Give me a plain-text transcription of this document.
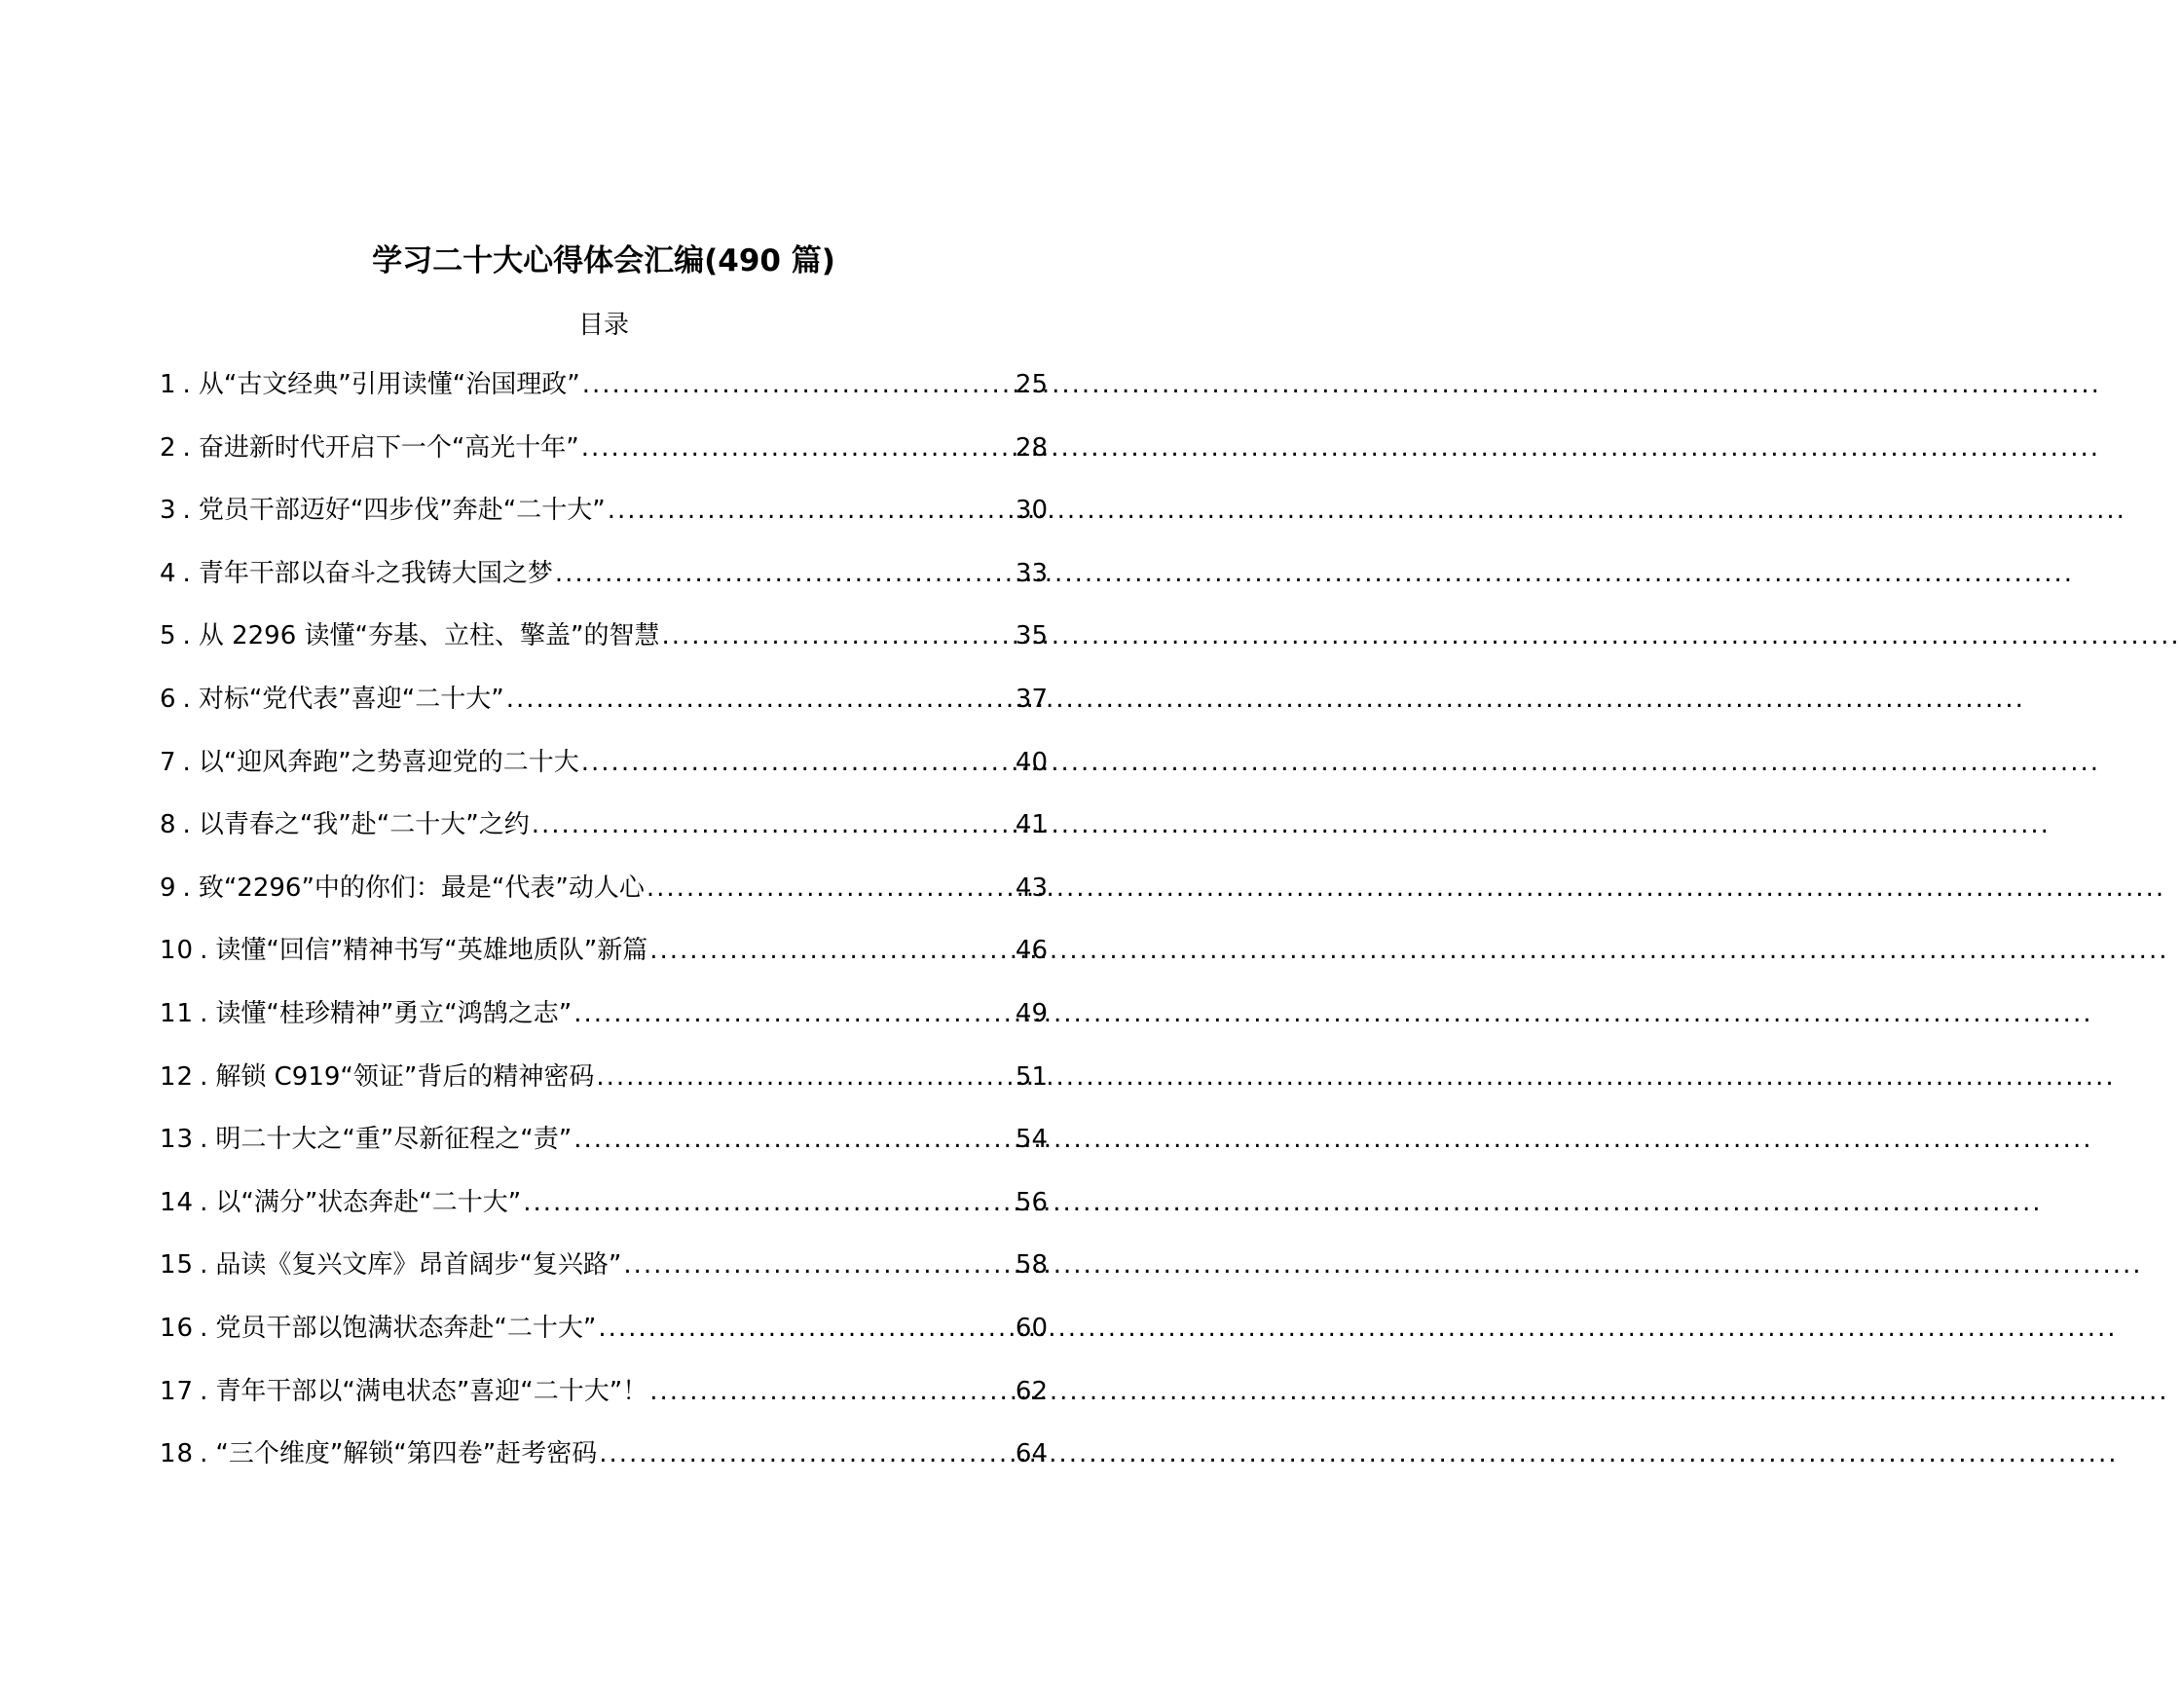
学习二十大心得体会汇编(490 篇)
目录
1 . 从“古文经典”引用读懂“治国理政” .....	25
2 . 奋进新时代开启下一个“高光十年” .....	28
3 . 党员干部迈好“四步伐”奔赴“二十大” .....	30
4 . 青年干部以奋斗之我铸大国之梦 .....	33
5 . 从 2296 读懂“夯基、立柱、擎盖”的智慧 .....	35
6 . 对标“党代表”喜迎“二十大” .....	37
7 . 以“迎风奔跑”之势喜迎党的二十大 .....	40
8 . 以青春之“我”赴“二十大”之约 .....	41
9 . 致“2296”中的你们：最是“代表”动人心 .....	43
10 . 读懂“回信”精神书写“英雄地质队”新篇 .....	46
11 . 读懂“桂珍精神”勇立“鸿鹄之志” .....	49
12 . 解锁 C919“领证”背后的精神密码 .....	51
13 . 明二十大之“重”尽新征程之“责” .....	54
14 . 以“满分”状态奔赴“二十大” .....	56
15 . 品读《复兴文库》昂首阔步“复兴路” .....	58
16 . 党员干部以饱满状态奔赴“二十大” .....	60
17 . 青年干部以“满电状态”喜迎“二十大”！ .....	62
18 . “三个维度”解锁“第四卷”赶考密码 .....	64
